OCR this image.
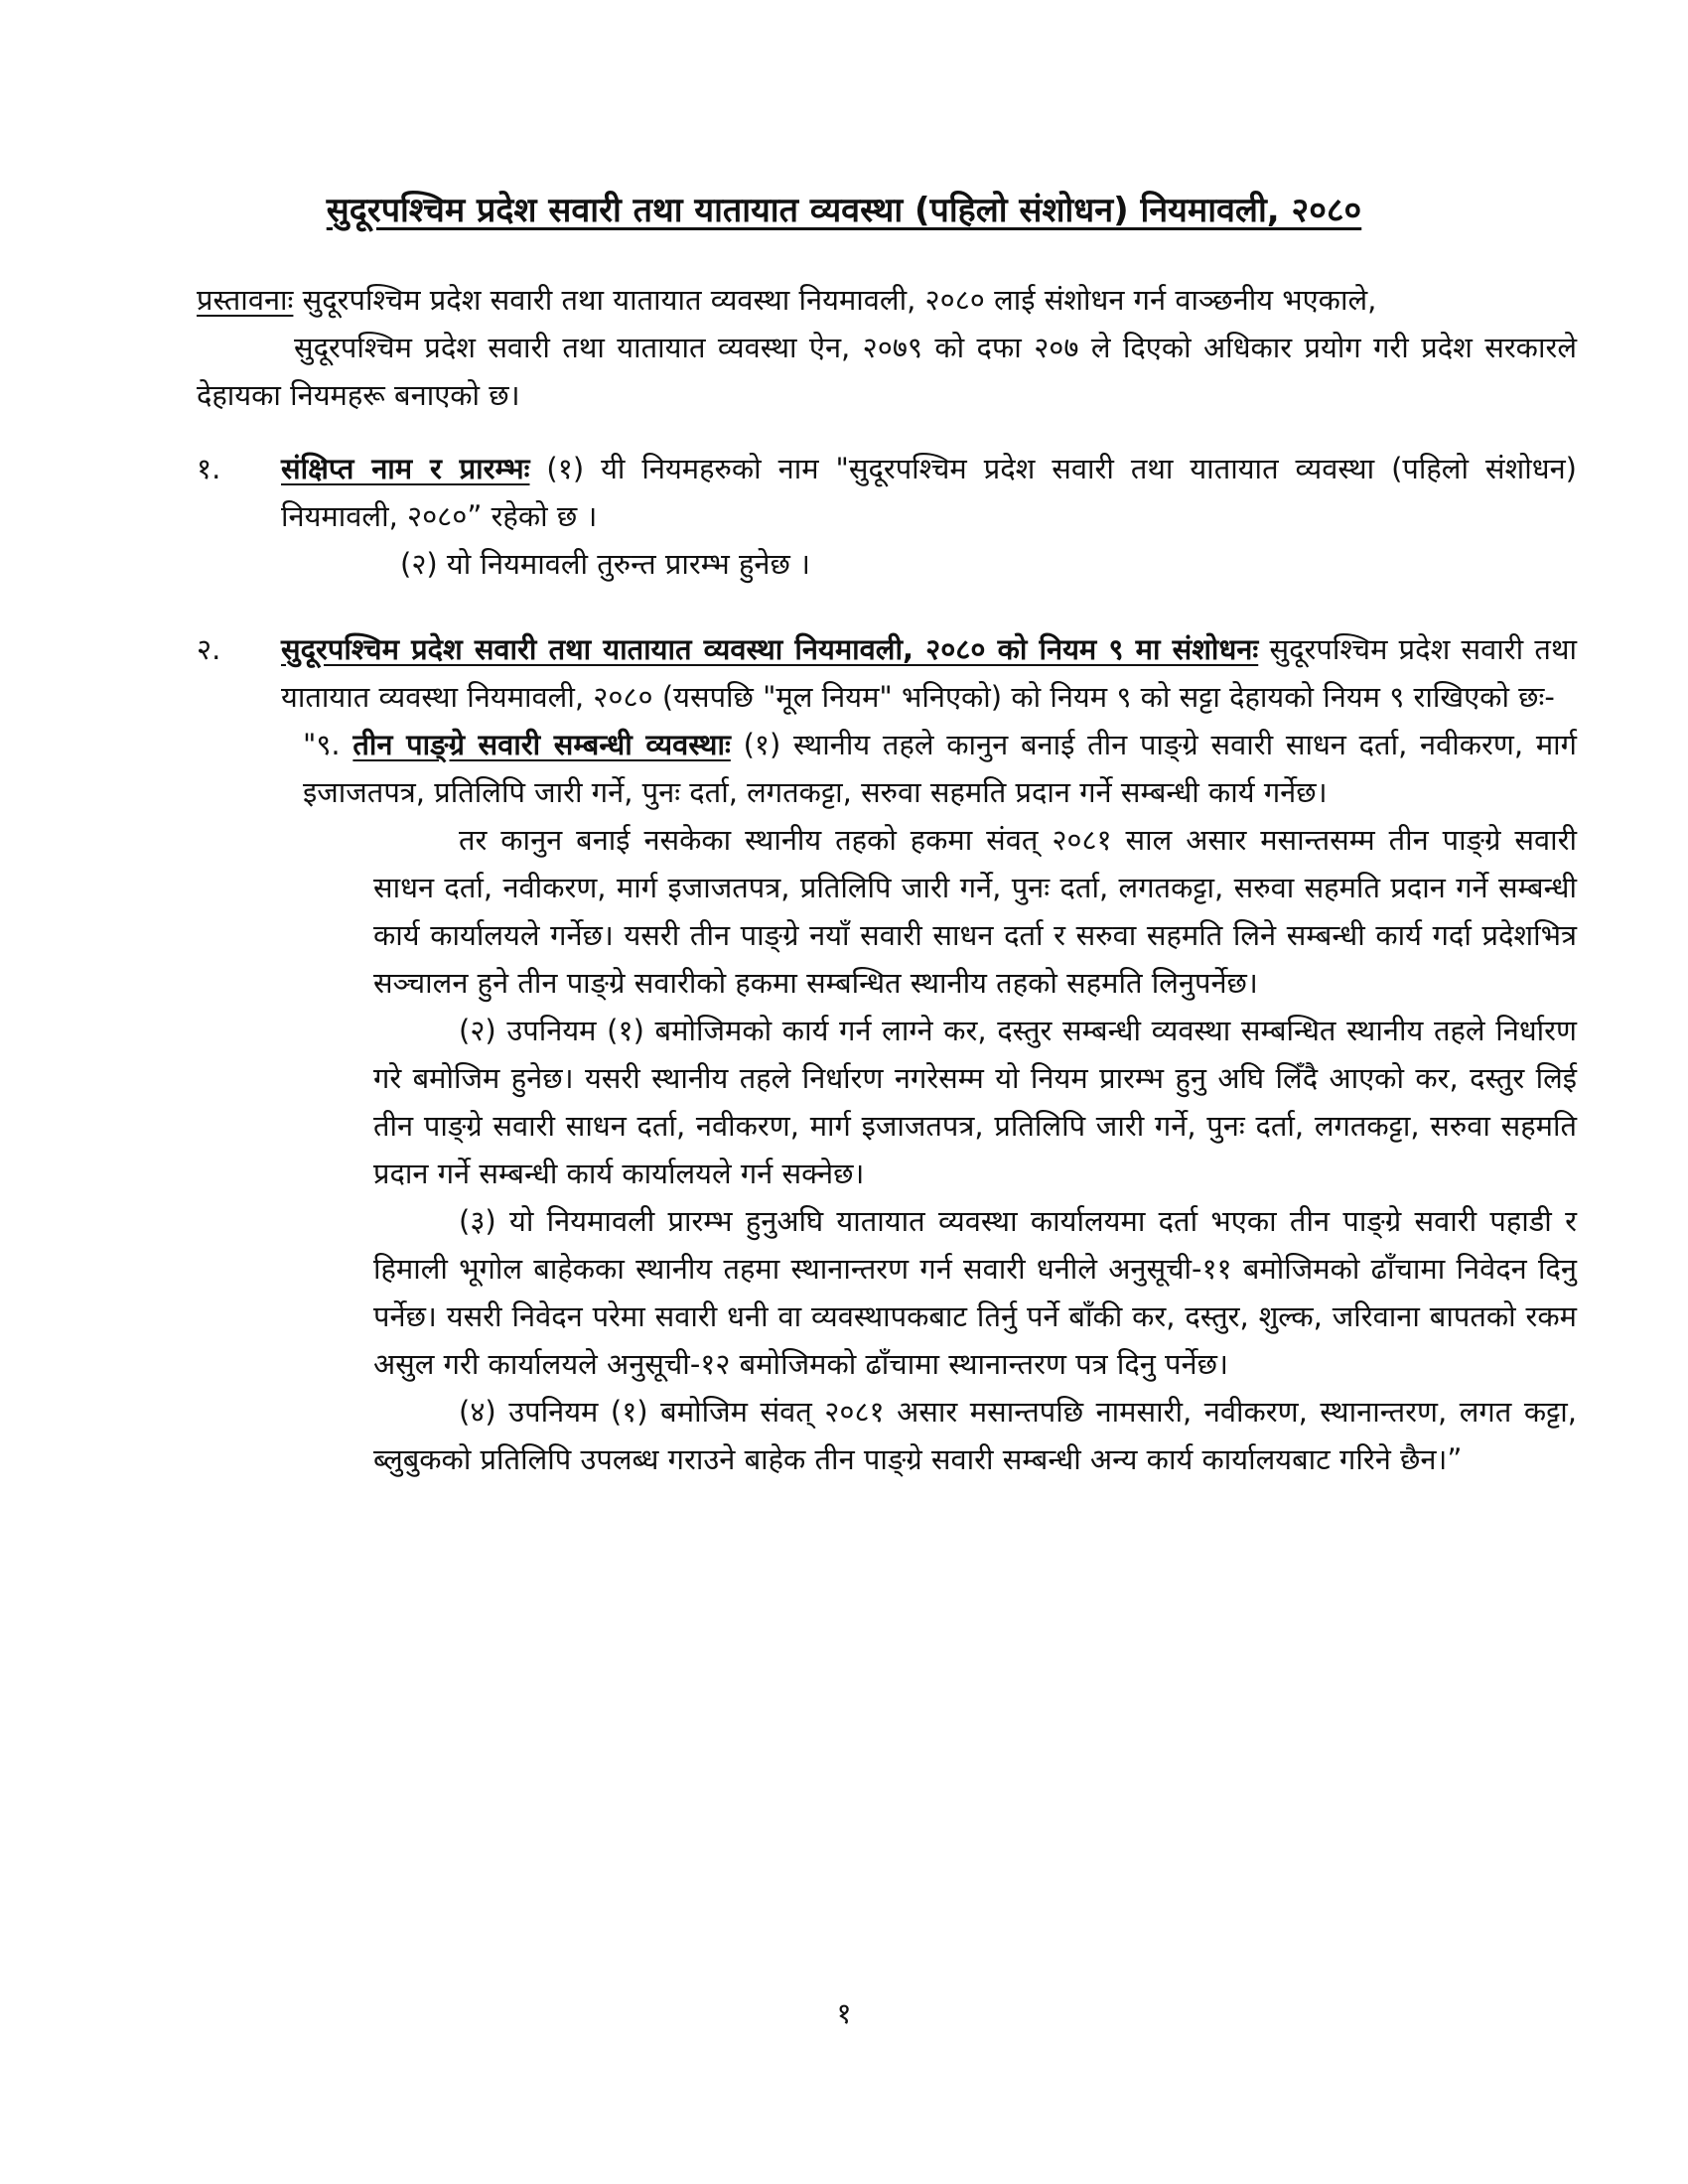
सुदूरपश्चिम प्रदेश सवारी तथा यातायात व्यवस्था (पहिलो संशोधन) नियमावली, २०८०

प्रस्तावनाः सुदूरपश्चिम प्रदेश सवारी तथा यातायात व्यवस्था नियमावली, २०८० लाई संशोधन गर्न वाञ्छनीय भएकाले,

सुदूरपश्चिम प्रदेश सवारी तथा यातायात व्यवस्था ऐन, २०७९ को दफा २०७ ले दिएको अधिकार प्रयोग गरी प्रदेश सरकारले देहायका नियमहरू बनाएको छ।

१. संक्षिप्त नाम र प्रारम्भः (१) यी नियमहरुको नाम "सुदूरपश्चिम प्रदेश सवारी तथा यातायात व्यवस्था (पहिलो संशोधन) नियमावली, २०८०” रहेको छ ।

(२) यो नियमावली तुरुन्त प्रारम्भ हुनेछ ।

२. सुदूरपश्चिम प्रदेश सवारी तथा यातायात व्यवस्था नियमावली, २०८० को नियम ९ मा संशोधनः सुदूरपश्चिम प्रदेश सवारी तथा यातायात व्यवस्था नियमावली, २०८० (यसपछि "मूल नियम" भनिएको) को नियम ९ को सट्टा देहायको नियम ९ राखिएको छः-

"९. तीन पाङ्ग्रे सवारी सम्बन्धी व्यवस्थाः (१) स्थानीय तहले कानुन बनाई तीन पाङ्ग्रे सवारी साधन दर्ता, नवीकरण, मार्ग इजाजतपत्र, प्रतिलिपि जारी गर्ने, पुनः दर्ता, लगतकट्टा, सरुवा सहमति प्रदान गर्ने सम्बन्धी कार्य गर्नेछ।

तर कानुन बनाई नसकेका स्थानीय तहको हकमा संवत् २०८१ साल असार मसान्तसम्म तीन पाङ्ग्रे सवारी साधन दर्ता, नवीकरण, मार्ग इजाजतपत्र, प्रतिलिपि जारी गर्ने, पुनः दर्ता, लगतकट्टा, सरुवा सहमति प्रदान गर्ने सम्बन्धी कार्य कार्यालयले गर्नेछ। यसरी तीन पाङ्ग्रे नयाँ सवारी साधन दर्ता र सरुवा सहमति लिने सम्बन्धी कार्य गर्दा प्रदेशभित्र सञ्चालन हुने तीन पाङ्ग्रे सवारीको हकमा सम्बन्धित स्थानीय तहको सहमति लिनुपर्नेछ।

(२) उपनियम (१) बमोजिमको कार्य गर्न लाग्ने कर, दस्तुर सम्बन्धी व्यवस्था सम्बन्धित स्थानीय तहले निर्धारण गरे बमोजिम हुनेछ। यसरी स्थानीय तहले निर्धारण नगरेसम्म यो नियम प्रारम्भ हुनु अघि लिँदै आएको कर, दस्तुर लिई तीन पाङ्ग्रे सवारी साधन दर्ता, नवीकरण, मार्ग इजाजतपत्र, प्रतिलिपि जारी गर्ने, पुनः दर्ता, लगतकट्टा, सरुवा सहमति प्रदान गर्ने सम्बन्धी कार्य कार्यालयले गर्न सक्नेछ।

(३) यो नियमावली प्रारम्भ हुनुअघि यातायात व्यवस्था कार्यालयमा दर्ता भएका तीन पाङ्ग्रे सवारी पहाडी र हिमाली भूगोल बाहेकका स्थानीय तहमा स्थानान्तरण गर्न सवारी धनीले अनुसूची-११ बमोजिमको ढाँचामा निवेदन दिनु पर्नेछ। यसरी निवेदन परेमा सवारी धनी वा व्यवस्थापकबाट तिर्नु पर्ने बाँकी कर, दस्तुर, शुल्क, जरिवाना बापतको रकम असुल गरी कार्यालयले अनुसूची-१२ बमोजिमको ढाँचामा स्थानान्तरण पत्र दिनु पर्नेछ।

(४) उपनियम (१) बमोजिम संवत् २०८१ असार मसान्तपछि नामसारी, नवीकरण, स्थानान्तरण, लगत कट्टा, ब्लुबुकको प्रतिलिपि उपलब्ध गराउने बाहेक तीन पाङ्ग्रे सवारी सम्बन्धी अन्य कार्य कार्यालयबाट गरिने छैन।”

१
